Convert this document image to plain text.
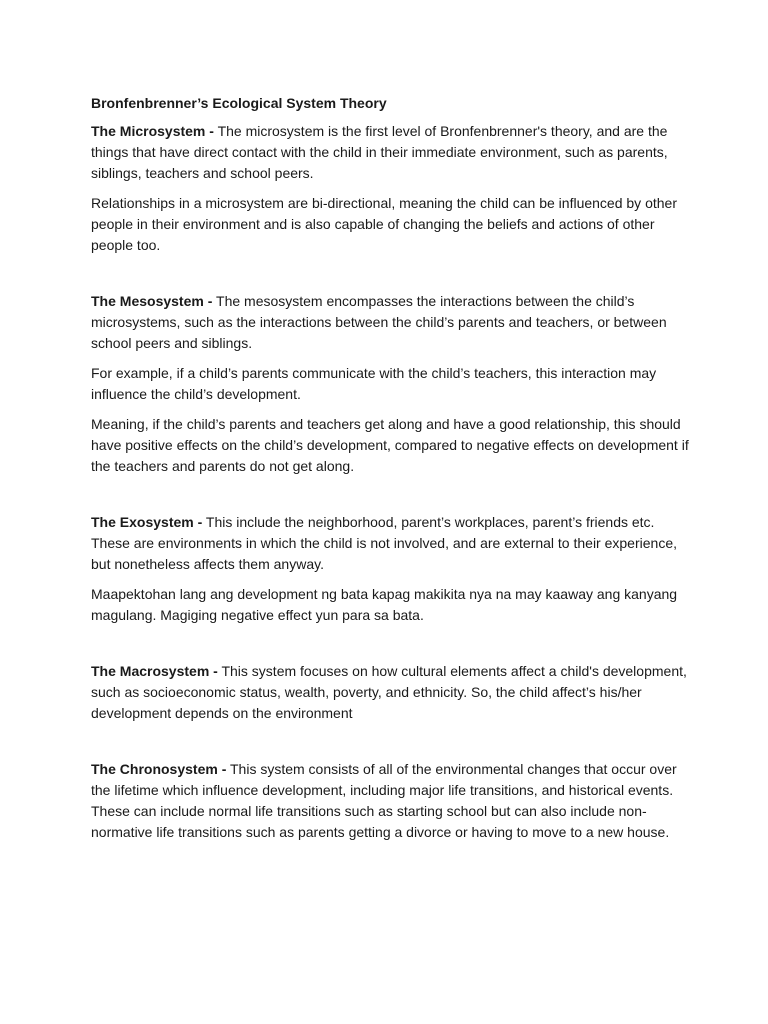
Bronfenbrenner’s Ecological System Theory

The Microsystem - The microsystem is the first level of Bronfenbrenner's theory, and are the things that have direct contact with the child in their immediate environment, such as parents, siblings, teachers and school peers.

Relationships in a microsystem are bi-directional, meaning the child can be influenced by other people in their environment and is also capable of changing the beliefs and actions of other people too.

The Mesosystem - The mesosystem encompasses the interactions between the child’s microsystems, such as the interactions between the child’s parents and teachers, or between school peers and siblings.

For example, if a child’s parents communicate with the child’s teachers, this interaction may influence the child’s development.

Meaning, if the child’s parents and teachers get along and have a good relationship, this should have positive effects on the child’s development, compared to negative effects on development if the teachers and parents do not get along.

The Exosystem - This include the neighborhood, parent’s workplaces, parent’s friends etc. These are environments in which the child is not involved, and are external to their experience, but nonetheless affects them anyway.

Maapektohan lang ang development ng bata kapag makikita nya na may kaaway ang kanyang magulang. Magiging negative effect yun para sa bata.

The Macrosystem - This system focuses on how cultural elements affect a child's development, such as socioeconomic status, wealth, poverty, and ethnicity. So, the child affect’s his/her development depends on the environment

The Chronosystem - This system consists of all of the environmental changes that occur over the lifetime which influence development, including major life transitions, and historical events. These can include normal life transitions such as starting school but can also include non-normative life transitions such as parents getting a divorce or having to move to a new house.
